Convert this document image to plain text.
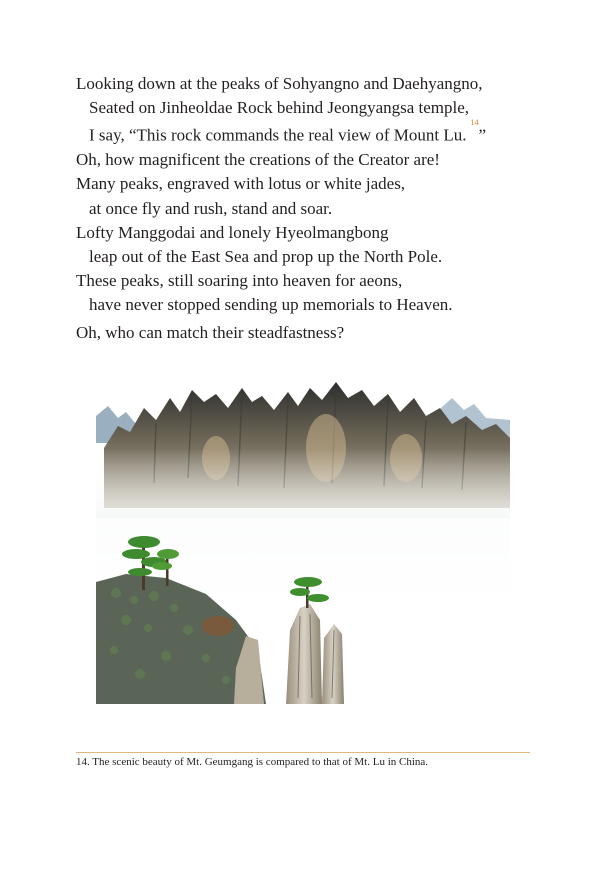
Looking down at the peaks of Sohyangno and Daehyangno,
Seated on Jinheoldae Rock behind Jeongyangsa temple,
I say, “This rock commands the real view of Mount Lu.$^{14}$”
Oh, how magnificent the creations of the Creator are!
Many peaks, engraved with lotus or white jades,
at once fly and rush, stand and soar.
Lofty Manggodai and lonely Hyeolmangbong
leap out of the East Sea and prop up the North Pole.
These peaks, still soaring into heaven for aeons,
have never stopped sending up memorials to Heaven.
Oh, who can match their steadfastness?
14. The scenic beauty of Mt. Geumgang is compared to that of Mt. Lu in China.
